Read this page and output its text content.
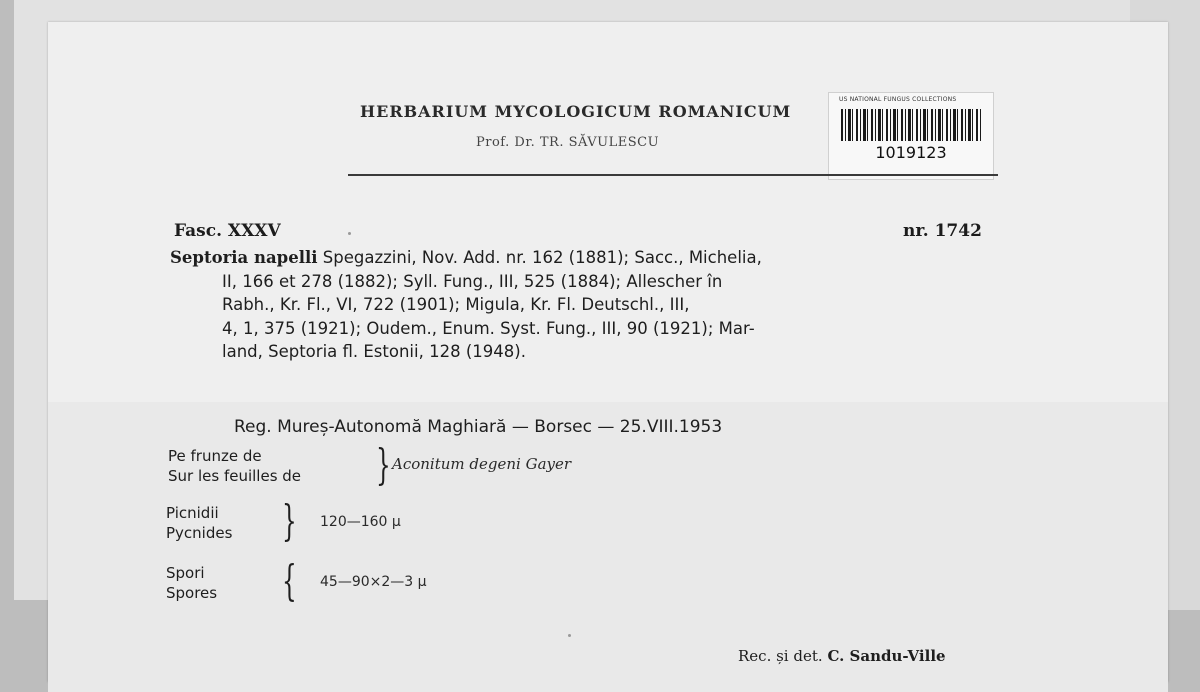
HERBARIUM MYCOLOGICUM ROMANICUM
Prof. Dr. TR. SĂVULESCU
US NATIONAL FUNGUS COLLECTIONS
1019123
Fasc. XXXV	nr. 1742
Septoria napelli Spegazzini, Nov. Add. nr. 162 (1881); Sacc., Michelia,
II, 166 et 278 (1882); Syll. Fung., III, 525 (1884); Allescher în
Rabh., Kr. Fl., VI, 722 (1901); Migula, Kr. Fl. Deutschl., III,
4, 1, 375 (1921); Oudem., Enum. Syst. Fung., III, 90 (1921); Mar-
land, Septoria fl. Estonii, 128 (1948).
Reg. Mureș-Autonomă Maghiară — Borsec — 25.VIII.1953
Pe frunze de
Sur les feuilles de } Aconitum degeni Gayer
Picnidii
Pycnides } 120—160 μ
Spori
Spores { 45—90×2—3 μ
Rec. și det. C. Sandu-Ville
